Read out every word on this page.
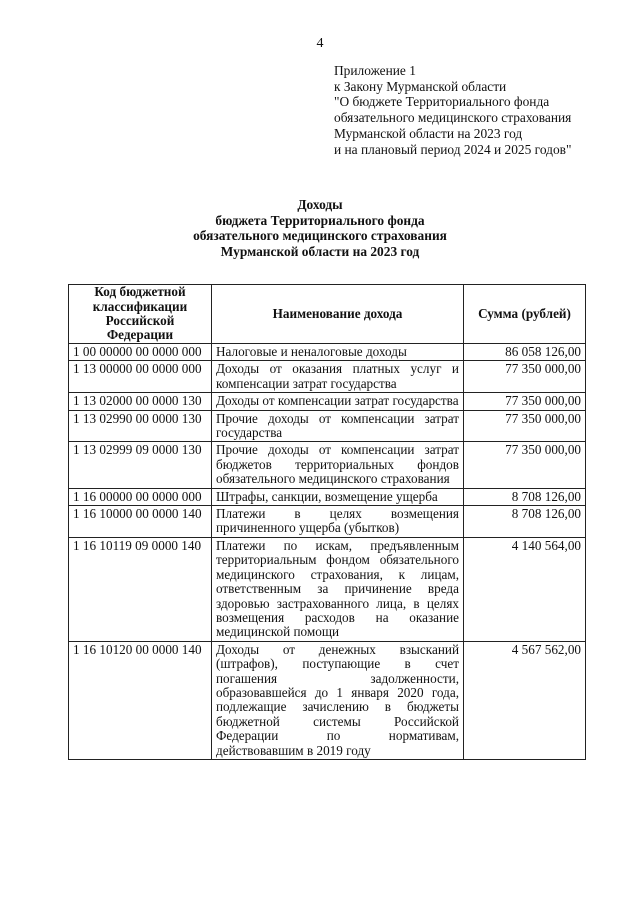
4
Приложение 1
к Закону Мурманской области
"О бюджете Территориального фонда
обязательного медицинского страхования
Мурманской области на 2023 год
и на плановый период 2024 и 2025 годов"
Доходы
бюджета Территориального фонда
обязательного медицинского страхования
Мурманской области на 2023 год
Код бюджетной классификации Российской Федерации	Наименование дохода	Сумма (рублей)
1 00 00000 00 0000 000	Налоговые и неналоговые доходы	86 058 126,00
1 13 00000 00 0000 000	Доходы от оказания платных услуг и компенсации затрат государства	77 350 000,00
1 13 02000 00 0000 130	Доходы от компенсации затрат государства	77 350 000,00
1 13 02990 00 0000 130	Прочие доходы от компенсации затрат государства	77 350 000,00
1 13 02999 09 0000 130	Прочие доходы от компенсации затрат бюджетов территориальных фондов обязательного медицинского страхования	77 350 000,00
1 16 00000 00 0000 000	Штрафы, санкции, возмещение ущерба	8 708 126,00
1 16 10000 00 0000 140	Платежи в целях возмещения причиненного ущерба (убытков)	8 708 126,00
1 16 10119 09 0000 140	Платежи по искам, предъявленным территориальным фондом обязательного медицинского страхования, к лицам, ответственным за причинение вреда здоровью застрахованного лица, в целях возмещения расходов на оказание медицинской помощи	4 140 564,00
1 16 10120 00 0000 140	Доходы от денежных взысканий (штрафов), поступающие в счет погашения задолженности, образовавшейся до 1 января 2020 года, подлежащие зачислению в бюджеты бюджетной системы Российской Федерации по нормативам, действовавшим в 2019 году	4 567 562,00
